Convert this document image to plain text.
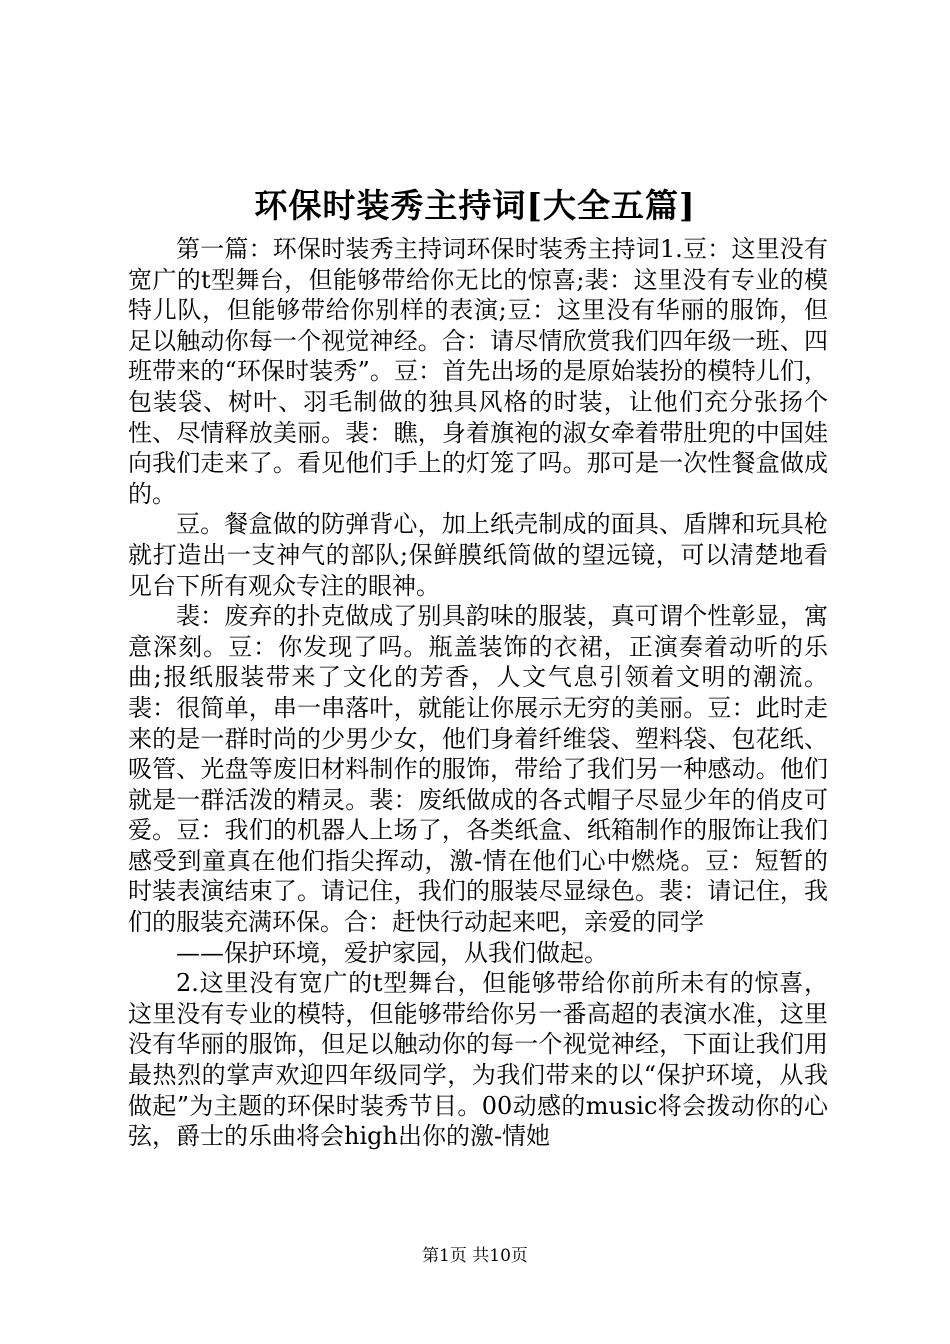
环保时装秀主持词[大全五篇]

第一篇：环保时装秀主持词环保时装秀主持词1.豆：这里没有宽广的t型舞台，但能够带给你无比的惊喜;裴：这里没有专业的模特儿队，但能够带给你别样的表演;豆：这里没有华丽的服饰，但足以触动你每一个视觉神经。合：请尽情欣赏我们四年级一班、四班带来的“环保时装秀”。豆：首先出场的是原始装扮的模特儿们，包装袋、树叶、羽毛制做的独具风格的时装，让他们充分张扬个性、尽情释放美丽。裴：瞧，身着旗袍的淑女牵着带肚兜的中国娃向我们走来了。看见他们手上的灯笼了吗。那可是一次性餐盒做成的。

豆。餐盒做的防弹背心，加上纸壳制成的面具、盾牌和玩具枪就打造出一支神气的部队;保鲜膜纸筒做的望远镜，可以清楚地看见台下所有观众专注的眼神。

裴：废弃的扑克做成了别具韵味的服装，真可谓个性彰显，寓意深刻。豆：你发现了吗。瓶盖装饰的衣裙，正演奏着动听的乐曲;报纸服装带来了文化的芳香，人文气息引领着文明的潮流。裴：很简单，串一串落叶，就能让你展示无穷的美丽。豆：此时走来的是一群时尚的少男少女，他们身着纤维袋、塑料袋、包花纸、吸管、光盘等废旧材料制作的服饰，带给了我们另一种感动。他们就是一群活泼的精灵。裴：废纸做成的各式帽子尽显少年的俏皮可爱。豆：我们的机器人上场了，各类纸盒、纸箱制作的服饰让我们感受到童真在他们指尖挥动，激-情在他们心中燃烧。豆：短暂的时装表演结束了。请记住，我们的服装尽显绿色。裴：请记住，我们的服装充满环保。合：赶快行动起来吧，亲爱的同学

——保护环境，爱护家园，从我们做起。

2.这里没有宽广的t型舞台，但能够带给你前所未有的惊喜，这里没有专业的模特，但能够带给你另一番高超的表演水准，这里没有华丽的服饰，但足以触动你的每一个视觉神经，下面让我们用最热烈的掌声欢迎四年级同学，为我们带来的以“保护环境，从我做起”为主题的环保时装秀节目。00动感的music将会拨动你的心弦，爵士的乐曲将会high出你的激-情她

第1页 共10页
